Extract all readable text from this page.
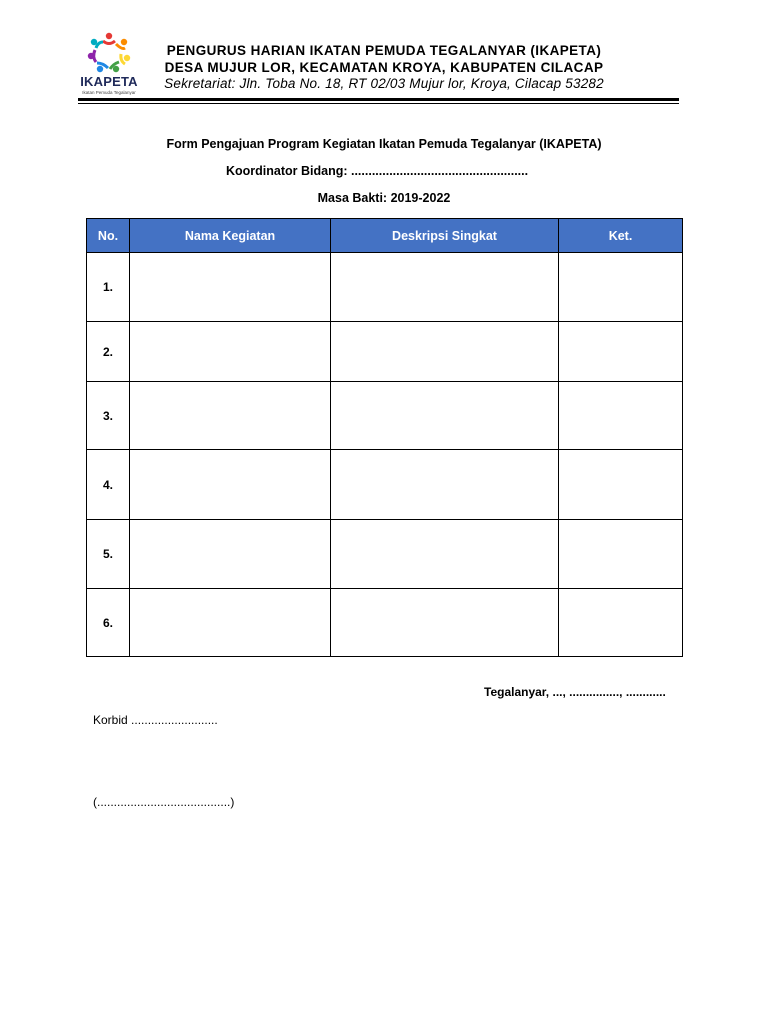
IKAPETA
Ikatan Pemuda Tegalanyar
PENGURUS HARIAN IKATAN PEMUDA TEGALANYAR (IKAPETA)
DESA MUJUR LOR, KECAMATAN KROYA, KABUPATEN CILACAP
Sekretariat: Jln. Toba No. 18, RT 02/03 Mujur lor, Kroya, Cilacap 53282
Form Pengajuan Program Kegiatan Ikatan Pemuda Tegalanyar (IKAPETA)
Koordinator Bidang: ...................................................
Masa Bakti: 2019-2022
No.	Nama Kegiatan	Deskripsi Singkat	Ket.
1.			
2.			
3.			
4.			
5.			
6.			
Tegalanyar, ..., ..............., ............
Korbid ..........................
(........................................)
